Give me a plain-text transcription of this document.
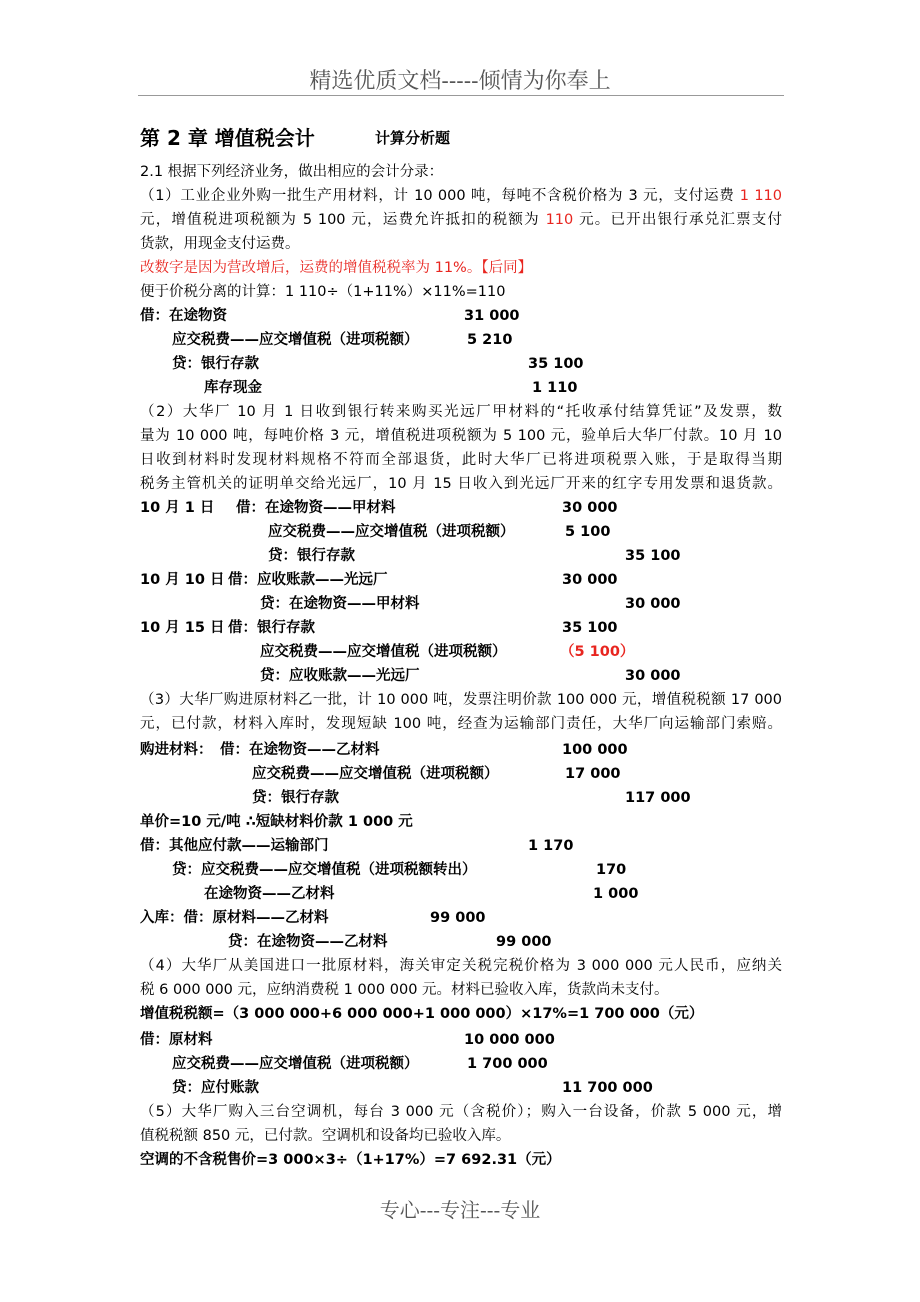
精选优质文档-----倾情为你奉上
第 2 章 增值税会计	计算分析题
2.1 根据下列经济业务，做出相应的会计分录：
（1）工业企业外购一批生产用材料，计 10 000 吨，每吨不含税价格为 3 元，支付运费 1 110
元，增值税进项税额为 5 100 元，运费允许抵扣的税额为 110 元。已开出银行承兑汇票支付
货款，用现金支付运费。
改数字是因为营改增后，运费的增值税税率为 11%。【后同】
便于价税分离的计算：1 110÷（1+11%）×11%=110
借：在途物资	31 000
应交税费——应交增值税（进项税额）	5 210
贷：银行存款	35 100
库存现金	1 110
（2）大华厂 10 月 1 日收到银行转来购买光远厂甲材料的“托收承付结算凭证”及发票，数
量为 10 000 吨，每吨价格 3 元，增值税进项税额为 5 100 元，验单后大华厂付款。10 月 10
日收到材料时发现材料规格不符而全部退货，此时大华厂已将进项税票入账，于是取得当期
税务主管机关的证明单交给光远厂，10 月 15 日收入到光远厂开来的红字专用发票和退货款。
10 月 1 日 借：在途物资——甲材料	30 000
应交税费——应交增值税（进项税额）	5 100
贷：银行存款	35 100
10 月 10 日 借：应收账款——光远厂	30 000
贷：在途物资——甲材料	30 000
10 月 15 日 借：银行存款	35 100
应交税费——应交增值税（进项税额）	（5 100）
贷：应收账款——光远厂	30 000
（3）大华厂购进原材料乙一批，计 10 000 吨，发票注明价款 100 000 元，增值税税额 17 000
元，已付款，材料入库时，发现短缺 100 吨，经查为运输部门责任，大华厂向运输部门索赔。
购进材料： 借：在途物资——乙材料	100 000
应交税费——应交增值税（进项税额）	17 000
贷：银行存款	117 000
单价=10 元/吨 ∴短缺材料价款 1 000 元
借：其他应付款——运输部门	1 170
贷：应交税费——应交增值税（进项税额转出）	170
在途物资——乙材料	1 000
入库：借：原材料——乙材料	99 000
贷：在途物资——乙材料	99 000
（4）大华厂从美国进口一批原材料，海关审定关税完税价格为 3 000 000 元人民币，应纳关
税 6 000 000 元，应纳消费税 1 000 000 元。材料已验收入库，货款尚未支付。
增值税税额=（3 000 000+6 000 000+1 000 000）×17%=1 700 000（元）
借：原材料	10 000 000
应交税费——应交增值税（进项税额）	1 700 000
贷：应付账款	11 700 000
（5）大华厂购入三台空调机，每台 3 000 元（含税价）；购入一台设备，价款 5 000 元，增
值税税额 850 元，已付款。空调机和设备均已验收入库。
空调的不含税售价=3 000×3÷（1+17%）=7 692.31（元）
专心---专注---专业
